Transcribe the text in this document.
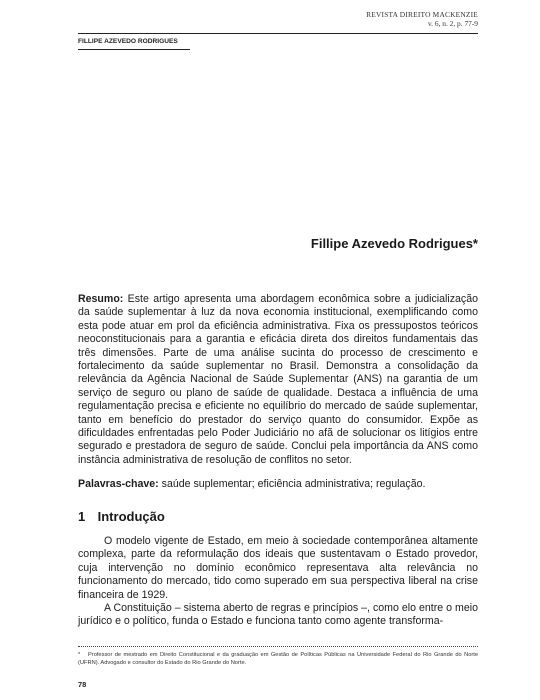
REVISTA DIREITO MACKENZIE
v. 6, n. 2, p. 77-9
FILLIPE AZEVEDO RODRIGUES
Fillipe Azevedo Rodrigues*
Resumo: Este artigo apresenta uma abordagem econômica sobre a judicialização da saúde suplementar à luz da nova economia institucional, exemplificando como esta pode atuar em prol da eficiência administrativa. Fixa os pressupostos teóricos neoconstitucionais para a garantia e eficácia direta dos direitos fundamentais das três dimensões. Parte de uma análise sucinta do processo de crescimento e fortalecimento da saúde suplementar no Brasil. Demonstra a consolidação da relevância da Agência Nacional de Saúde Suplementar (ANS) na garantia de um serviço de seguro ou plano de saúde de qualidade. Destaca a influência de uma regulamentação precisa e eficiente no equilíbrio do mercado de saúde suplementar, tanto em benefício do prestador do serviço quanto do consumidor. Expõe as dificuldades enfrentadas pelo Poder Judiciário no afã de solucionar os litígios entre segurado e prestadora de seguro de saúde. Conclui pela importância da ANS como instância administrativa de resolução de conflitos no setor.
Palavras-chave: saúde suplementar; eficiência administrativa; regulação.
1 Introdução

O modelo vigente de Estado, em meio à sociedade contemporânea altamente complexa, parte da reformulação dos ideais que sustentavam o Estado provedor, cuja intervenção no domínio econômico representava alta relevância no funcionamento do mercado, tido como superado em sua perspectiva liberal na crise financeira de 1929.

A Constituição – sistema aberto de regras e princípios –, como elo entre o meio jurídico e o político, funda o Estado e funciona tanto como agente transforma-

* Professor de mestrado em Direito Constitucional e da graduação em Gestão de Políticas Públicas na Universidade Federal do Rio Grande do Norte (UFRN). Advogado e consultor do Estado do Rio Grande do Norte.
78
